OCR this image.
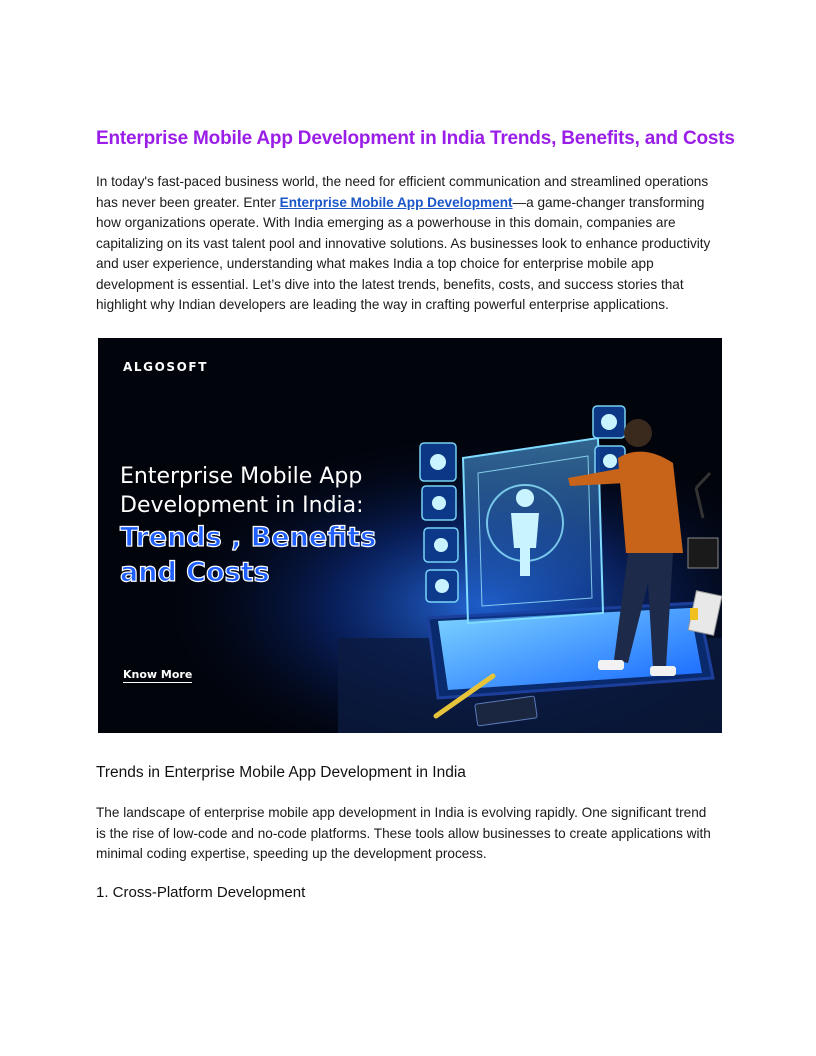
Enterprise Mobile App Development in India Trends, Benefits, and Costs

In today's fast-paced business world, the need for efficient communication and streamlined operations has never been greater. Enter Enterprise Mobile App Development—a game-changer transforming how organizations operate. With India emerging as a powerhouse in this domain, companies are capitalizing on its vast talent pool and innovative solutions. As businesses look to enhance productivity and user experience, understanding what makes India a top choice for enterprise mobile app development is essential. Let’s dive into the latest trends, benefits, costs, and success stories that highlight why Indian developers are leading the way in crafting powerful enterprise applications.

ALGOSOFT
Enterprise Mobile App
Development in India:
Trends , Benefits
and Costs
Know More
Trends in Enterprise Mobile App Development in India

The landscape of enterprise mobile app development in India is evolving rapidly. One significant trend is the rise of low-code and no-code platforms. These tools allow businesses to create applications with minimal coding expertise, speeding up the development process.

1. Cross-Platform Development
